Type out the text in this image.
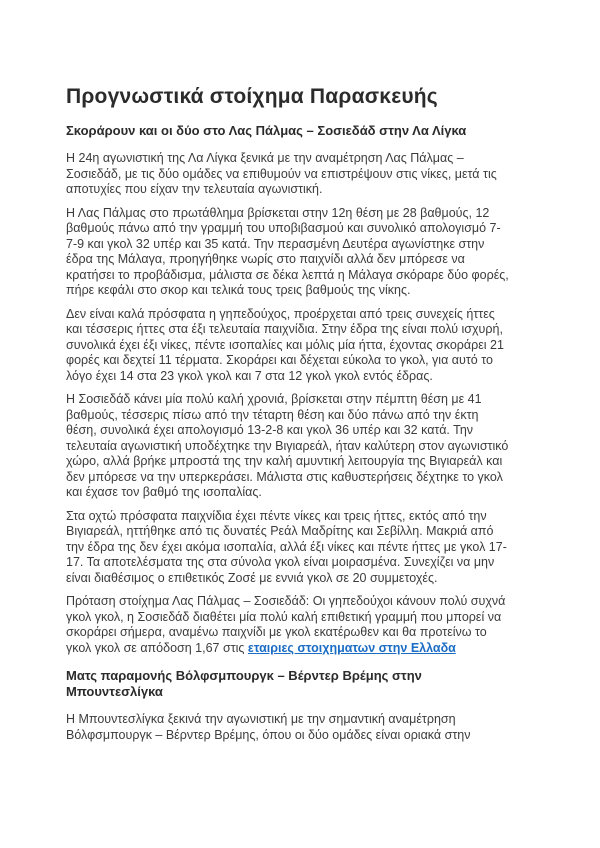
Προγνωστικά στοίχημα Παρασκευής
Σκοράρουν και οι δύο στο Λας Πάλμας – Σοσιεδάδ στην Λα Λίγκα

Η 24η αγωνιστική της Λα Λίγκα ξενικά με την αναμέτρηση Λας Πάλμας – Σοσιεδάδ, με τις δύο ομάδες να επιθυμούν να επιστρέψουν στις νίκες, μετά τις αποτυχίες που είχαν την τελευταία αγωνιστική.

Η Λας Πάλμας στο πρωτάθλημα βρίσκεται στην 12η θέση με 28 βαθμούς, 12 βαθμούς πάνω από την γραμμή του υποβιβασμού και συνολικό απολογισμό 7-7-9 και γκολ 32 υπέρ και 35 κατά. Την περασμένη Δευτέρα αγωνίστηκε στην έδρα της Μάλαγα, προηγήθηκε νωρίς στο παιχνίδι αλλά δεν μπόρεσε να κρατήσει το προβάδισμα, μάλιστα σε δέκα λεπτά η Μάλαγα σκόραρε δύο φορές, πήρε κεφάλι στο σκορ και τελικά τους τρεις βαθμούς της νίκης.

Δεν είναι καλά πρόσφατα η γηπεδούχος, προέρχεται από τρεις συνεχείς ήττες και τέσσερις ήττες στα έξι τελευταία παιχνίδια. Στην έδρα της είναι πολύ ισχυρή, συνολικά έχει έξι νίκες, πέντε ισοπαλίες και μόλις μία ήττα, έχοντας σκοράρει 21 φορές και δεχτεί 11 τέρματα. Σκοράρει και δέχεται εύκολα το γκολ, για αυτό το λόγο έχει 14 στα 23 γκολ γκολ και 7 στα 12 γκολ γκολ εντός έδρας.

Η Σοσιεδάδ κάνει μία πολύ καλή χρονιά, βρίσκεται στην πέμπτη θέση με 41 βαθμούς, τέσσερις πίσω από την τέταρτη θέση και δύο πάνω από την έκτη θέση, συνολικά έχει απολογισμό 13-2-8 και γκολ 36 υπέρ και 32 κατά. Την τελευταία αγωνιστική υποδέχτηκε την Βιγιαρεάλ, ήταν καλύτερη στον αγωνιστικό χώρο, αλλά βρήκε μπροστά της την καλή αμυντική λειτουργία της Βιγιαρεάλ και δεν μπόρεσε να την υπερκεράσει. Μάλιστα στις καθυστερήσεις δέχτηκε το γκολ και έχασε τον βαθμό της ισοπαλίας.

Στα οχτώ πρόσφατα παιχνίδια έχει πέντε νίκες και τρεις ήττες, εκτός από την Βιγιαρεάλ, ηττήθηκε από τις δυνατές Ρεάλ Μαδρίτης και Σεβίλλη. Μακριά από την έδρα της δεν έχει ακόμα ισοπαλία, αλλά έξι νίκες και πέντε ήττες με γκολ 17-17. Τα αποτελέσματα της στα σύνολα γκολ είναι μοιρασμένα. Συνεχίζει να μην είναι διαθέσιμος ο επιθετικός Ζοσέ με εννιά γκολ σε 20 συμμετοχές.

Πρόταση στοίχημα Λας Πάλμας – Σοσιεδάδ: Οι γηπεδούχοι κάνουν πολύ συχνά γκολ γκολ, η Σοσιεδάδ διαθέτει μία πολύ καλή επιθετική γραμμή που μπορεί να σκοράρει σήμερα, αναμένω παιχνίδι με γκολ εκατέρωθεν και θα προτείνω το γκολ γκολ σε απόδοση 1,67 στις εταιριες στοιχηματων στην Ελλαδα

Ματς παραμονής Βόλφσμπουργκ – Βέρντερ Βρέμης στην Μπουντεσλίγκα

Η Μπουντεσλίγκα ξεκινά την αγωνιστική με την σημαντική αναμέτρηση Βόλφσμπουργκ – Βέρντερ Βρέμης, όπου οι δύο ομάδες είναι οριακά στην
